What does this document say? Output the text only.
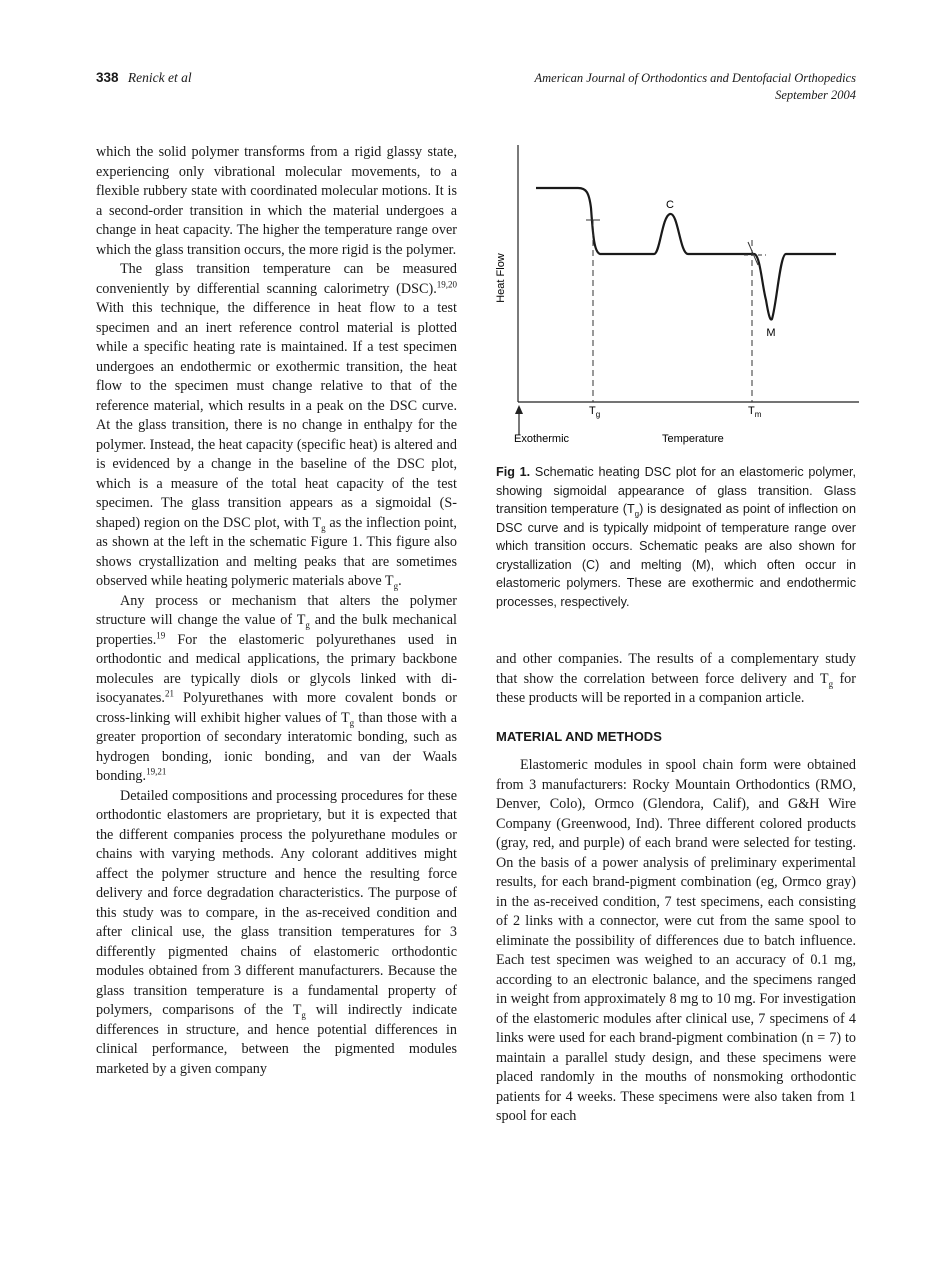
338 Renick et al	American Journal of Orthodontics and Dentofacial Orthopedics
September 2004

which the solid polymer transforms from a rigid glassy state, experiencing only vibrational molecular movements, to a flexible rubbery state with coordinated molecular motions. It is a second-order transition in which the material undergoes a change in heat capacity. The higher the temperature range over which the glass transition occurs, the more rigid is the polymer.

The glass transition temperature can be measured conveniently by differential scanning calorimetry (DSC).$^{19,20}$ With this technique, the difference in heat flow to a test specimen and an inert reference control material is plotted while a specific heating rate is maintained. If a test specimen undergoes an endothermic or exothermic transition, the heat flow to the specimen must change relative to that of the reference material, which results in a peak on the DSC curve. At the glass transition, there is no change in enthalpy for the polymer. Instead, the heat capacity (specific heat) is altered and is evidenced by a change in the baseline of the DSC plot, which is a measure of the total heat capacity of the test specimen. The glass transition appears as a sigmoidal (S-shaped) region on the DSC plot, with $T_g$ as the inflection point, as shown at the left in the schematic Figure 1. This figure also shows crystallization and melting peaks that are sometimes observed while heating polymeric materials above $T_g$.

Any process or mechanism that alters the polymer structure will change the value of $T_g$ and the bulk mechanical properties.$^{19}$ For the elastomeric polyurethanes used in orthodontic and medical applications, the primary backbone molecules are typically diols or glycols linked with di-isocyanates.$^{21}$ Polyurethanes with more covalent bonds or cross-linking will exhibit higher values of $T_g$ than those with a greater proportion of secondary interatomic bonding, such as hydrogen bonding, ionic bonding, and van der Waals bonding.$^{19,21}$

Detailed compositions and processing procedures for these orthodontic elastomers are proprietary, but it is expected that the different companies process the polyurethane modules or chains with varying methods. Any colorant additives might affect the polymer structure and hence the resulting force delivery and force degradation characteristics. The purpose of this study was to compare, in the as-received condition and after clinical use, the glass transition temperatures for 3 differently pigmented chains of elastomeric orthodontic modules obtained from 3 different manufacturers. Because the glass transition temperature is a fundamental property of polymers, comparisons of the $T_g$ will indirectly indicate differences in structure, and hence potential differences in clinical performance, between the pigmented modules marketed by a given company

C
M
$T_g$	$T_m$
Heat Flow
Exothermic	Temperature
Fig 1. Schematic heating DSC plot for an elastomeric polymer, showing sigmoidal appearance of glass transition. Glass transition temperature $(T_g)$ is designated as point of inflection on DSC curve and is typically midpoint of temperature range over which transition occurs. Schematic peaks are also shown for crystallization (C) and melting (M), which often occur in elastomeric polymers. These are exothermic and endothermic processes, respectively.

and other companies. The results of a complementary study that show the correlation between force delivery and $T_g$ for these products will be reported in a companion article.

MATERIAL AND METHODS

Elastomeric modules in spool chain form were obtained from 3 manufacturers: Rocky Mountain Orthodontics (RMO, Denver, Colo), Ormco (Glendora, Calif), and G&H Wire Company (Greenwood, Ind). Three different colored products (gray, red, and purple) of each brand were selected for testing. On the basis of a power analysis of preliminary experimental results, for each brand-pigment combination (eg, Ormco gray) in the as-received condition, 7 test specimens, each consisting of 2 links with a connector, were cut from the same spool to eliminate the possibility of differences due to batch influence. Each test specimen was weighed to an accuracy of 0.1 mg, according to an electronic balance, and the specimens ranged in weight from approximately 8 mg to 10 mg. For investigation of the elastomeric modules after clinical use, 7 specimens of 4 links were used for each brand-pigment combination (n = 7) to maintain a parallel study design, and these specimens were placed randomly in the mouths of nonsmoking orthodontic patients for 4 weeks. These specimens were also taken from 1 spool for each
